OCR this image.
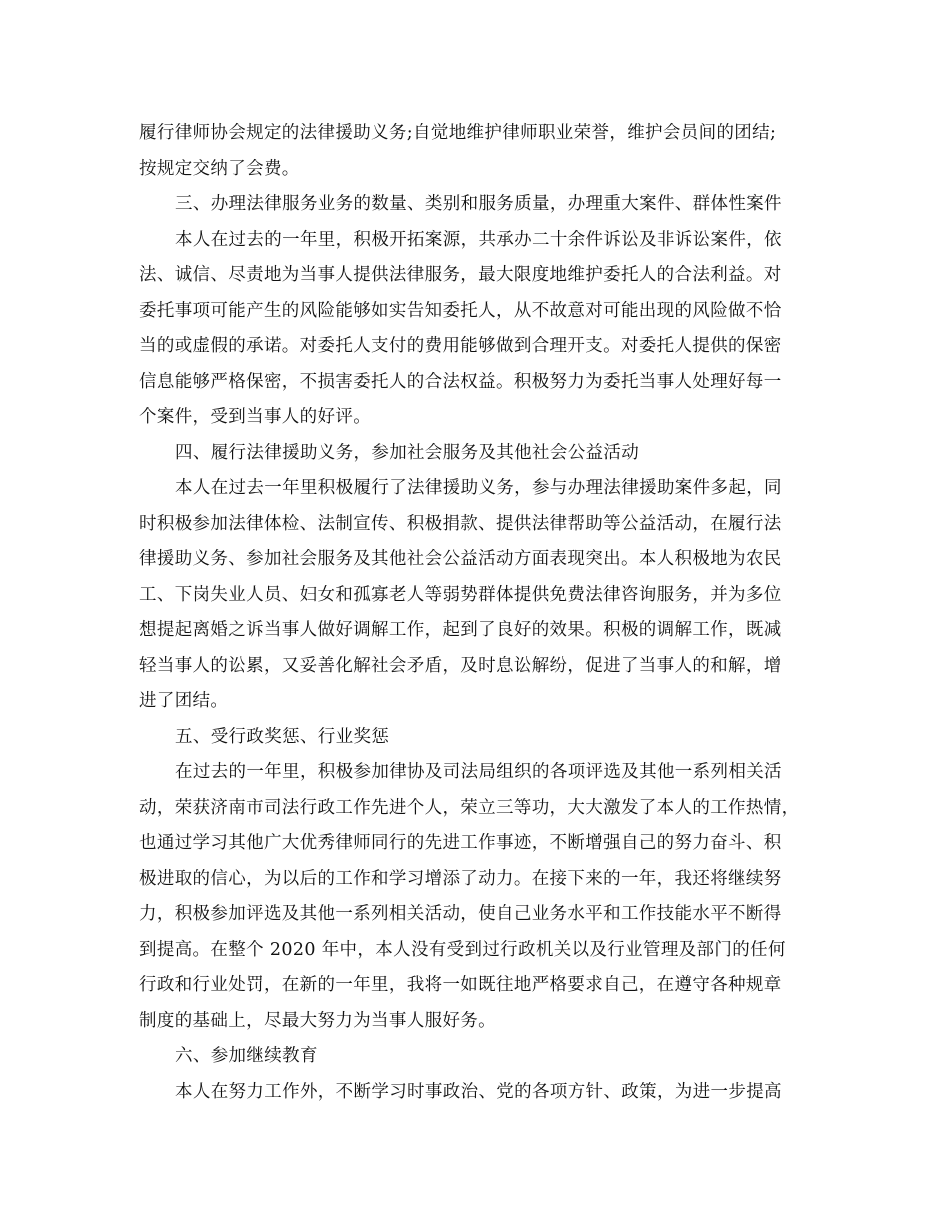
履行律师协会规定的法律援助义务;自觉地维护律师职业荣誉，维护会员间的团结;
按规定交纳了会费。
三、办理法律服务业务的数量、类别和服务质量，办理重大案件、群体性案件
本人在过去的一年里，积极开拓案源，共承办二十余件诉讼及非诉讼案件，依
法、诚信、尽责地为当事人提供法律服务，最大限度地维护委托人的合法利益。对
委托事项可能产生的风险能够如实告知委托人，从不故意对可能出现的风险做不恰
当的或虚假的承诺。对委托人支付的费用能够做到合理开支。对委托人提供的保密
信息能够严格保密，不损害委托人的合法权益。积极努力为委托当事人处理好每一
个案件，受到当事人的好评。
四、履行法律援助义务，参加社会服务及其他社会公益活动
本人在过去一年里积极履行了法律援助义务，参与办理法律援助案件多起，同
时积极参加法律体检、法制宣传、积极捐款、提供法律帮助等公益活动，在履行法
律援助义务、参加社会服务及其他社会公益活动方面表现突出。本人积极地为农民
工、下岗失业人员、妇女和孤寡老人等弱势群体提供免费法律咨询服务，并为多位
想提起离婚之诉当事人做好调解工作，起到了良好的效果。积极的调解工作，既减
轻当事人的讼累，又妥善化解社会矛盾，及时息讼解纷，促进了当事人的和解，增
进了团结。
五、受行政奖惩、行业奖惩
在过去的一年里，积极参加律协及司法局组织的各项评选及其他一系列相关活
动，荣获济南市司法行政工作先进个人，荣立三等功，大大激发了本人的工作热情，
也通过学习其他广大优秀律师同行的先进工作事迹，不断增强自己的努力奋斗、积
极进取的信心，为以后的工作和学习增添了动力。在接下来的一年，我还将继续努
力，积极参加评选及其他一系列相关活动，使自己业务水平和工作技能水平不断得
到提高。在整个 2020 年中，本人没有受到过行政机关以及行业管理及部门的任何
行政和行业处罚，在新的一年里，我将一如既往地严格要求自己，在遵守各种规章
制度的基础上，尽最大努力为当事人服好务。
六、参加继续教育
本人在努力工作外，不断学习时事政治、党的各项方针、政策，为进一步提高
